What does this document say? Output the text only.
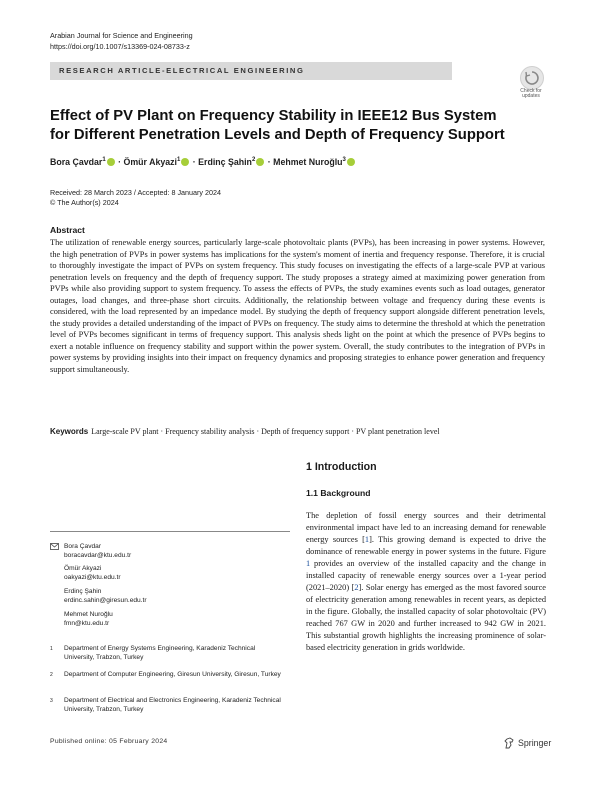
Arabian Journal for Science and Engineering
https://doi.org/10.1007/s13369-024-08733-z
RESEARCH ARTICLE-ELECTRICAL ENGINEERING
Check for
updates
Effect of PV Plant on Frequency Stability in IEEE12 Bus System
for Different Penetration Levels and Depth of Frequency Support
Bora Çavdar$^1$ · Ömür Akyazi$^1$ · Erdinç Şahin$^2$ · Mehmet Nuroğlu$^3$
Received: 28 March 2023 / Accepted: 8 January 2024
© The Author(s) 2024
Abstract
The utilization of renewable energy sources, particularly large-scale photovoltaic plants (PVPs), has been increasing in power systems. However, the high penetration of PVPs in power systems has implications for the system's moment of inertia and frequency response. Therefore, it is crucial to thoroughly investigate the impact of PVPs on system frequency. This study focuses on investigating the effects of a large-scale PVP at various penetration levels on frequency and the depth of frequency support. The study proposes a strategy aimed at maximizing power generation from PVPs while also providing support to system frequency. To assess the effects of PVPs, the study examines events such as load outages, generator outages, load changes, and three-phase short circuits. Additionally, the relationship between voltage and frequency during these events is considered, with the load represented by an impedance model. By studying the depth of frequency support alongside different penetration levels, the study provides a detailed understanding of the impact of PVPs on frequency. The study aims to determine the threshold at which the penetration level of PVPs becomes significant in terms of frequency support. This analysis sheds light on the point at which the presence of PVPs begins to exert a notable influence on frequency stability and support within the power system. Overall, the study contributes to the integration of PVPs in power systems by providing insights into their impact on frequency dynamics and proposing strategies to enhance power generation and frequency support simultaneously.
Keywords Large-scale PV plant · Frequency stability analysis · Depth of frequency support · PV plant penetration level
1 Introduction
1.1 Background
The depletion of fossil energy sources and their detrimental environmental impact have led to an increasing demand for renewable energy sources [1]. This growing demand is expected to drive the dominance of renewable energy in power systems in the future. Figure 1 provides an overview of the installed capacity and the change in installed capacity of renewable energy sources over a 1-year period (2021–2020) [2]. Solar energy has emerged as the most favored source of electricity generation among renewables in recent years, as depicted in the figure. Globally, the installed capacity of solar photovoltaic (PV) reached 767 GW in 2020 and further increased to 942 GW in 2021. This substantial growth highlights the increasing prominence of solar-based electricity generation in grids worldwide.
Bora Çavdar
boracavdar@ktu.edu.tr
Ömür Akyazi
oakyazi@ktu.edu.tr
Erdinç Şahin
erdinc.sahin@giresun.edu.tr
Mehmet Nuroğlu
fmn@ktu.edu.tr
1 Department of Energy Systems Engineering, Karadeniz Technical University, Trabzon, Turkey
2 Department of Computer Engineering, Giresun University, Giresun, Turkey
3 Department of Electrical and Electronics Engineering, Karadeniz Technical University, Trabzon, Turkey
Published online: 05 February 2024	Springer
